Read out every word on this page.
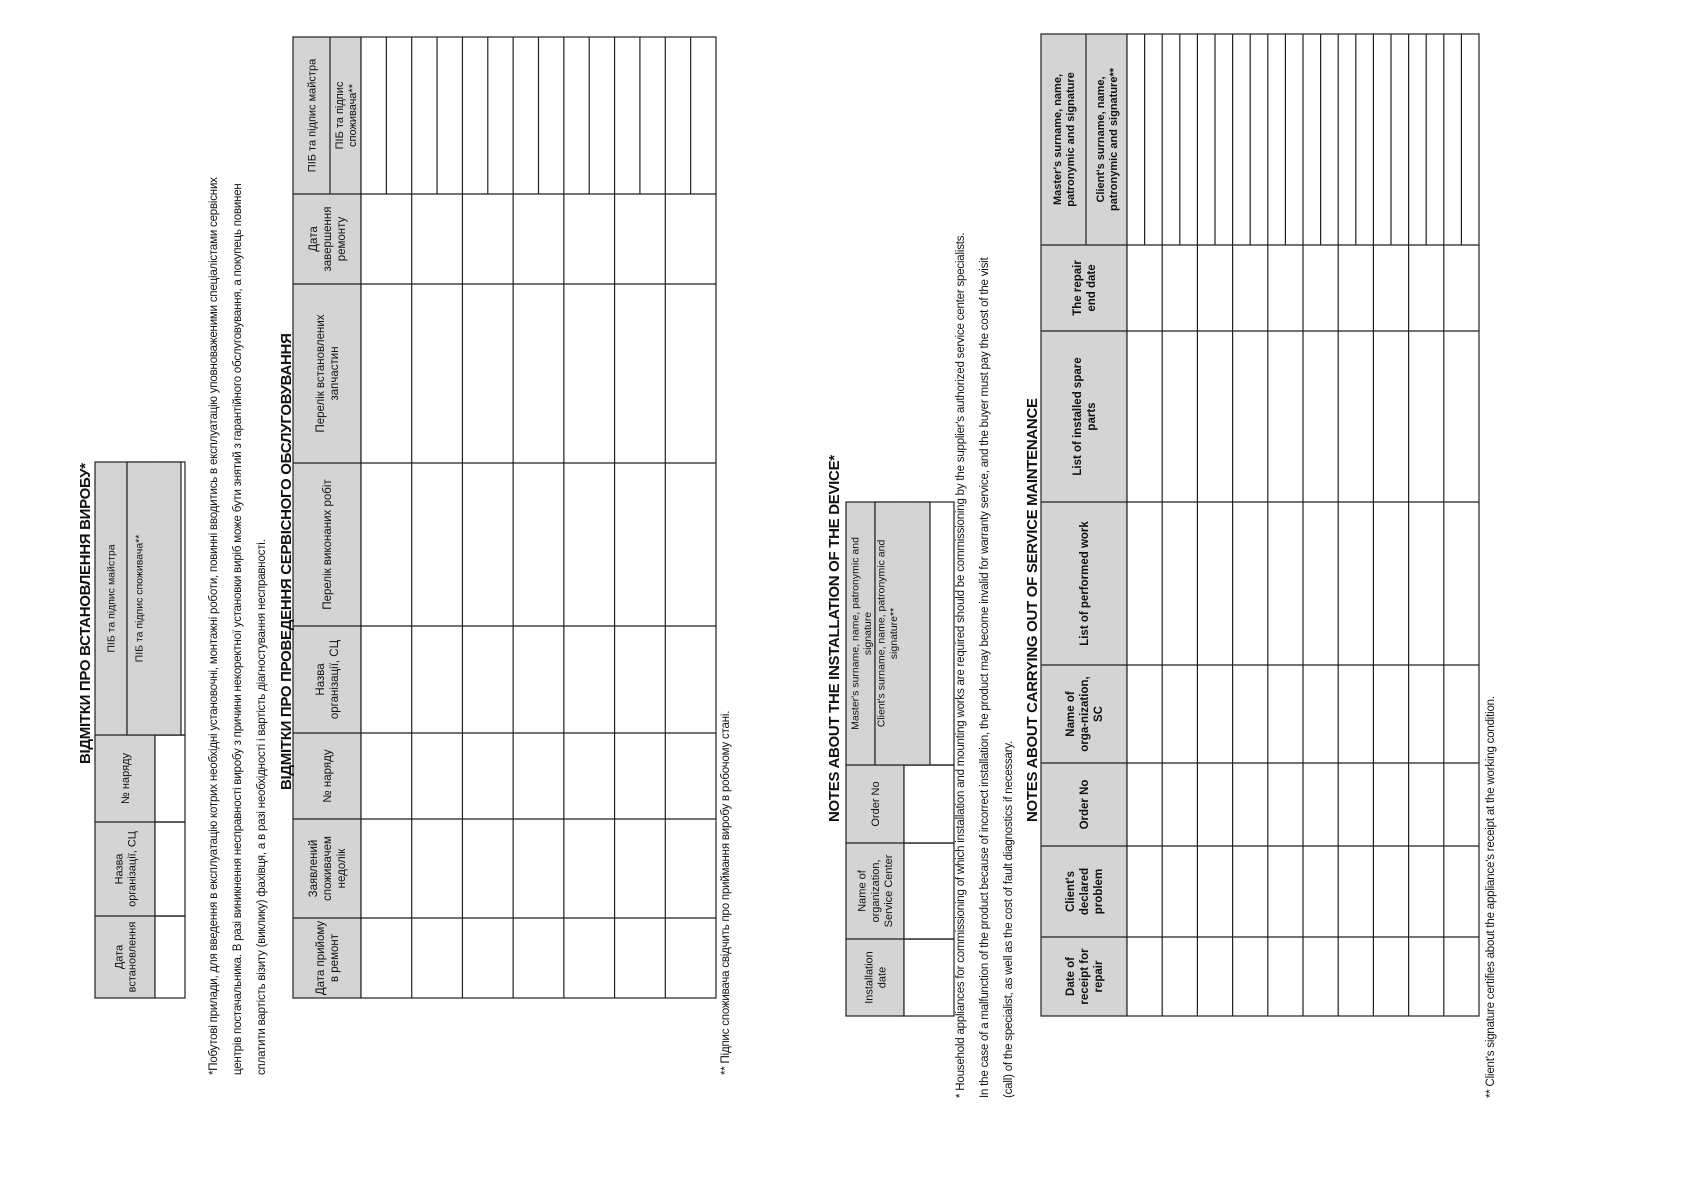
ВІДМІТКИ ПРО ВСТАНОВЛЕННЯ ВИРОБУ*
Датавстановлення
Назваорганізації, СЦ
№ наряду
ПІБ та підпис майстра ПІБ та підпис споживача**
Дата прийому в ремонт
Заявлений споживачем недолік
№ наряду
Назва організації, СЦ
Перелік виконаних робіт
Перелік встановлених запчастин
Дата завершення ремонту
ПІБ та підпис майстра ПІБ та підписспоживача**
Installationdate
Name oforganization,Service Center
Order No
Master's surname, name, patronymic andsignature Client's surname, name, patronymic andsignature**
Date of receipt for repair
Client's declared problem
Order No
Name of orga-nization, SC
List of performed work
List of installed spare parts
The repair end date
Master's surname, name,patronymic and signature Client's surname, name,patronymic and signature**
*Побутові прилади, для введення в експлуатацію котрих необхідні установочні, монтажні роботи, повинні вводитись в експлуатацію уповноваженими спеціалістами сервісних центрів постачальника. В разі виникнення несправності виробу з причини некоректної установки виріб може бути знятий з гарантійного обслуговування, а покупець повинен сплатити вартість візиту (виклику) фахівця, а в разі необхідності і вартість діагностування несправності. ВІДМІТКИ ПРО ПРОВЕДЕННЯ СЕРВІСНОГО ОБСЛУГОВУВАННЯ
** Підпис споживача свідчить про приймання виробу в робочому стані.
NOTES ABOUT THE INSTALLATION OF THE DEVICE*	* Household appliances for commissioning of which installation and mounting works are required should be commissioning by the supplier's authorized service center specialists. In the case of a malfunction of the product because of incorrect installation, the product may become invalid for warranty service, and the buyer must pay the cost of the visit (call) of the specialist, as well as the cost of fault diagnostics if necessary.
NOTES ABOUT CARRYING OUT OF SERVICE MAINTENANCE
** Client's signature certifies about the appliance's receipt at the working condition.
